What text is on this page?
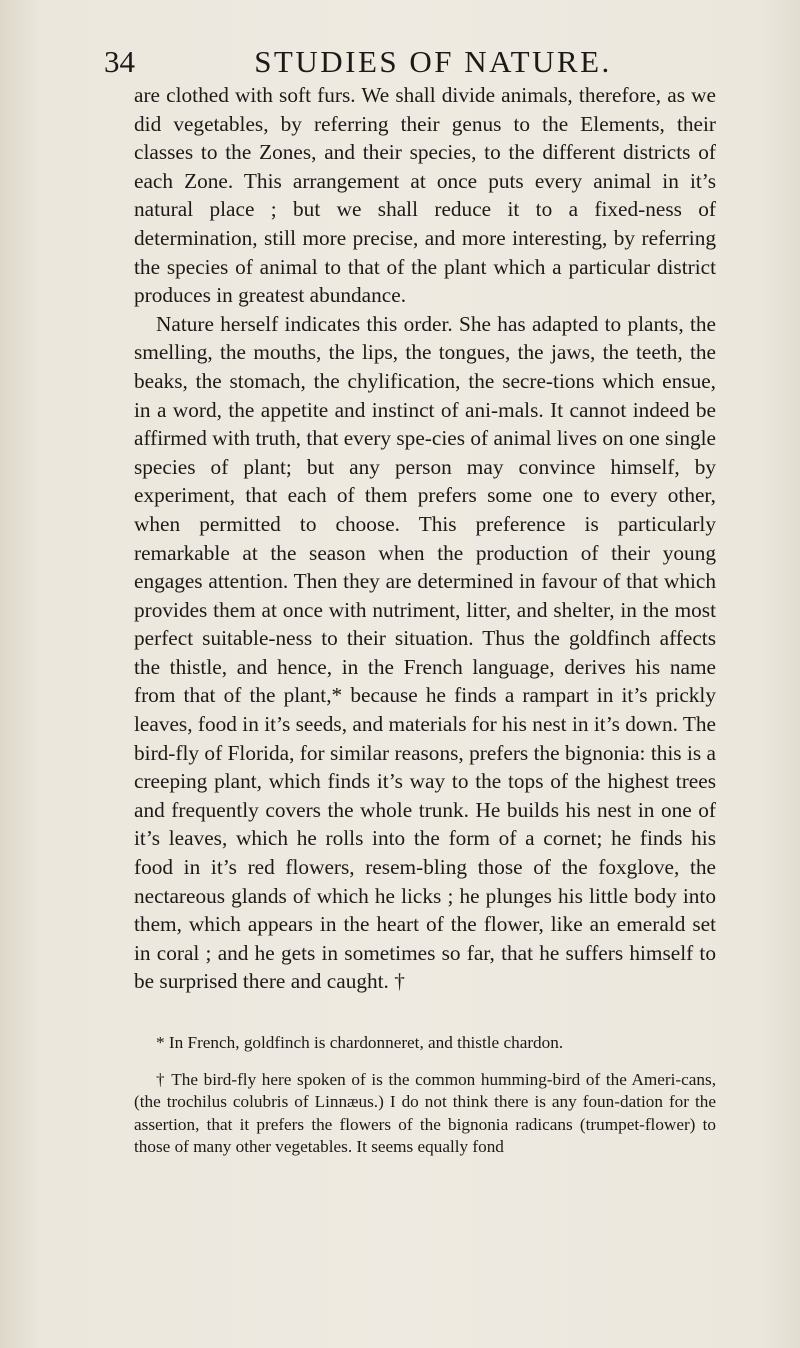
34	STUDIES OF NATURE.

are clothed with soft furs. We shall divide animals, therefore, as we did vegetables, by referring their genus to the Elements, their classes to the Zones, and their species, to the different districts of each Zone. This arrangement at once puts every animal in it’s natural place ; but we shall reduce it to a fixed-ness of determination, still more precise, and more interesting, by referring the species of animal to that of the plant which a particular district produces in greatest abundance.

Nature herself indicates this order. She has adapted to plants, the smelling, the mouths, the lips, the tongues, the jaws, the teeth, the beaks, the stomach, the chylification, the secre-tions which ensue, in a word, the appetite and instinct of ani-mals. It cannot indeed be affirmed with truth, that every spe-cies of animal lives on one single species of plant; but any person may convince himself, by experiment, that each of them prefers some one to every other, when permitted to choose. This preference is particularly remarkable at the season when the production of their young engages attention. Then they are determined in favour of that which provides them at once with nutriment, litter, and shelter, in the most perfect suitable-ness to their situation. Thus the goldfinch affects the thistle, and hence, in the French language, derives his name from that of the plant,* because he finds a rampart in it’s prickly leaves, food in it’s seeds, and materials for his nest in it’s down. The bird-fly of Florida, for similar reasons, prefers the bignonia: this is a creeping plant, which finds it’s way to the tops of the highest trees and frequently covers the whole trunk. He builds his nest in one of it’s leaves, which he rolls into the form of a cornet; he finds his food in it’s red flowers, resem-bling those of the foxglove, the nectareous glands of which he licks ; he plunges his little body into them, which appears in the heart of the flower, like an emerald set in coral ; and he gets in sometimes so far, that he suffers himself to be surprised there and caught. †

* In French, goldfinch is chardonneret, and thistle chardon.

† The bird-fly here spoken of is the common humming-bird of the Ameri-cans, (the trochilus colubris of Linnæus.) I do not think there is any foun-dation for the assertion, that it prefers the flowers of the bignonia radicans (trumpet-flower) to those of many other vegetables. It seems equally fond
